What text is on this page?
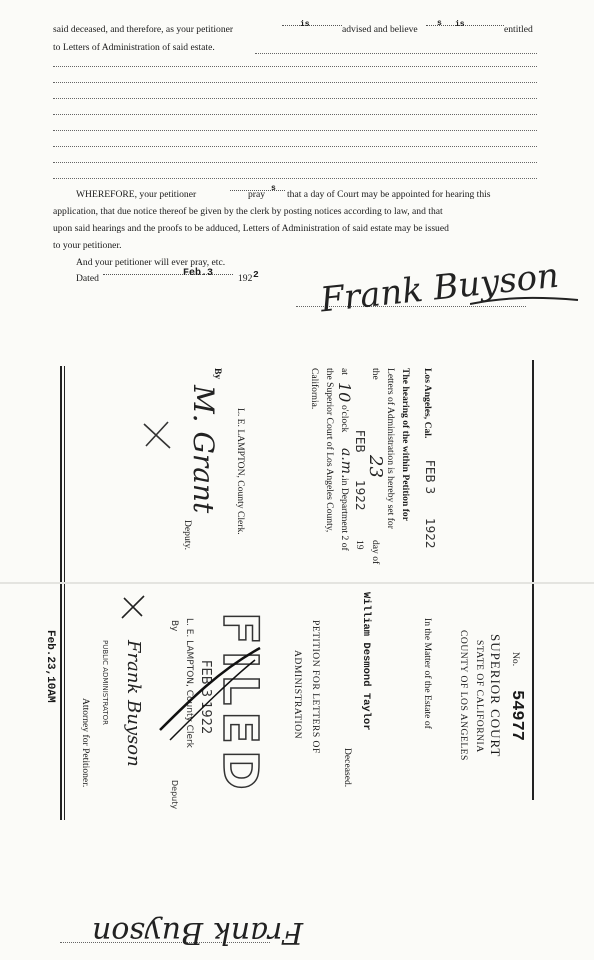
said deceased, and therefore, as your petitioner	is	advised and believe
s is	entitled
to Letters of Administration of said estate.
WHEREFORE, your petitioner	pray
s
that a day of Court may be appointed for hearing this
application, that due notice thereof be given by the clerk by posting notices according to law, and that
upon said hearings and the proofs to be adduced, Letters of Administration of said estate may be issued
to your petitioner.
And your petitioner will ever pray, etc.
Dated	Feb.3	192 2 Frank Buyson
Los Angeles, Cal.
FEB 3
1922
The hearing of the within Petition for
Letters of Administration is hereby set for
the
23
day of
FEB
1922
19
at
10
o'clock
a.m.
in Department 2 of
the Superior Court of Los Angeles County,
California.
L. E. LAMPTON, County Clerk.
By
M. Grant
Deputy.
No.
54977
SUPERIOR COURT
STATE OF CALIFORNIA
COUNTY OF LOS ANGELES
In the Matter of the Estate of
William Desmond Taylor
Deceased.
PETITION FOR LETTERS OF
ADMINISTRATION
FILED
FEB 3 1922
L. E. LAMPTON, County Clerk
By
Deputy
Frank Buyson
PUBLIC ADMINISTRATOR
Attorney for Petitioner.
Feb.23,10AM
Frank Buyson
